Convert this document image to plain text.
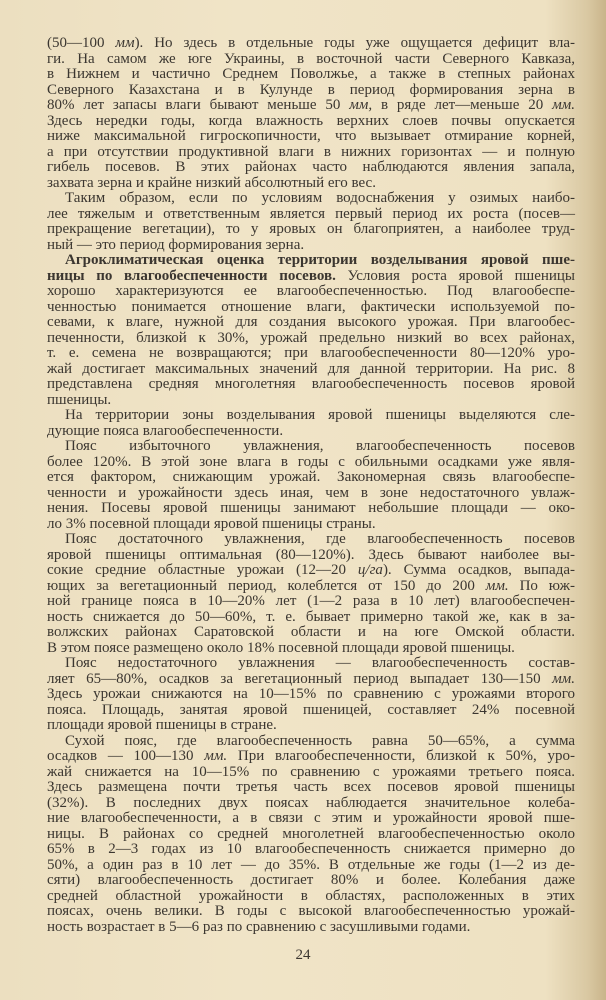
(50—100 мм). Но здесь в отдельные годы уже ощущается дефицит вла-
ги. На самом же юге Украины, в восточной части Северного Кавказа,
в Нижнем и частично Среднем Поволжье, а также в степных районах
Северного Казахстана и в Кулунде в период формирования зерна в
80% лет запасы влаги бывают меньше 50 мм, в ряде лет—меньше 20 мм.
Здесь нередки годы, когда влажность верхних слоев почвы опускается
ниже максимальной гигроскопичности, что вызывает отмирание корней,
а при отсутствии продуктивной влаги в нижних горизонтах — и полную
гибель посевов. В этих районах часто наблюдаются явления запала,
захвата зерна и крайне низкий абсолютный его вес.
Таким образом, если по условиям водоснабжения у озимых наибо-
лее тяжелым и ответственным является первый период их роста (посев—
прекращение вегетации), то у яровых он благоприятен, а наиболее труд-
ный — это период формирования зерна.
Агроклиматическая оценка территории возделывания яровой пше-
ницы по влагообеспеченности посевов. Условия роста яровой пшеницы
хорошо характеризуются ее влагообеспеченностью. Под влагообеспе-
ченностью понимается отношение влаги, фактически используемой по-
севами, к влаге, нужной для создания высокого урожая. При влагообес-
печенности, близкой к 30%, урожай предельно низкий во всех районах,
т. е. семена не возвращаются; при влагообеспеченности 80—120% уро-
жай достигает максимальных значений для данной территории. На рис. 8
представлена средняя многолетняя влагообеспеченность посевов яровой
пшеницы.
На территории зоны возделывания яровой пшеницы выделяются сле-
дующие пояса влагообеспеченности.
Пояс избыточного увлажнения, влагообеспеченность посевов
более 120%. В этой зоне влага в годы с обильными осадками уже явля-
ется фактором, снижающим урожай. Закономерная связь влагообеспе-
ченности и урожайности здесь иная, чем в зоне недостаточного увлаж-
нения. Посевы яровой пшеницы занимают небольшие площади — око-
ло 3% посевной площади яровой пшеницы страны.
Пояс достаточного увлажнения, где влагообеспеченность посевов
яровой пшеницы оптимальная (80—120%). Здесь бывают наиболее вы-
сокие средние областные урожаи (12—20 ц/га). Сумма осадков, выпада-
ющих за вегетационный период, колеблется от 150 до 200 мм. По юж-
ной границе пояса в 10—20% лет (1—2 раза в 10 лет) влагообеспечен-
ность снижается до 50—60%, т. е. бывает примерно такой же, как в за-
волжских районах Саратовской области и на юге Омской области.
В этом поясе размещено около 18% посевной площади яровой пшеницы.
Пояс недостаточного увлажнения — влагообеспеченность состав-
ляет 65—80%, осадков за вегетационный период выпадает 130—150 мм.
Здесь урожаи снижаются на 10—15% по сравнению с урожаями второго
пояса. Площадь, занятая яровой пшеницей, составляет 24% посевной
площади яровой пшеницы в стране.
Сухой пояс, где влагообеспеченность равна 50—65%, а сумма
осадков — 100—130 мм. При влагообеспеченности, близкой к 50%, уро-
жай снижается на 10—15% по сравнению с урожаями третьего пояса.
Здесь размещена почти третья часть всех посевов яровой пшеницы
(32%). В последних двух поясах наблюдается значительное колеба-
ние влагообеспеченности, а в связи с этим и урожайности яровой пше-
ницы. В районах со средней многолетней влагообеспеченностью около
65% в 2—3 годах из 10 влагообеспеченность снижается примерно до
50%, а один раз в 10 лет — до 35%. В отдельные же годы (1—2 из де-
сяти) влагообеспеченность достигает 80% и более. Колебания даже
средней областной урожайности в областях, расположенных в этих
поясах, очень велики. В годы с высокой влагообеспеченностью урожай-
ность возрастает в 5—6 раз по сравнению с засушливыми годами.
24
